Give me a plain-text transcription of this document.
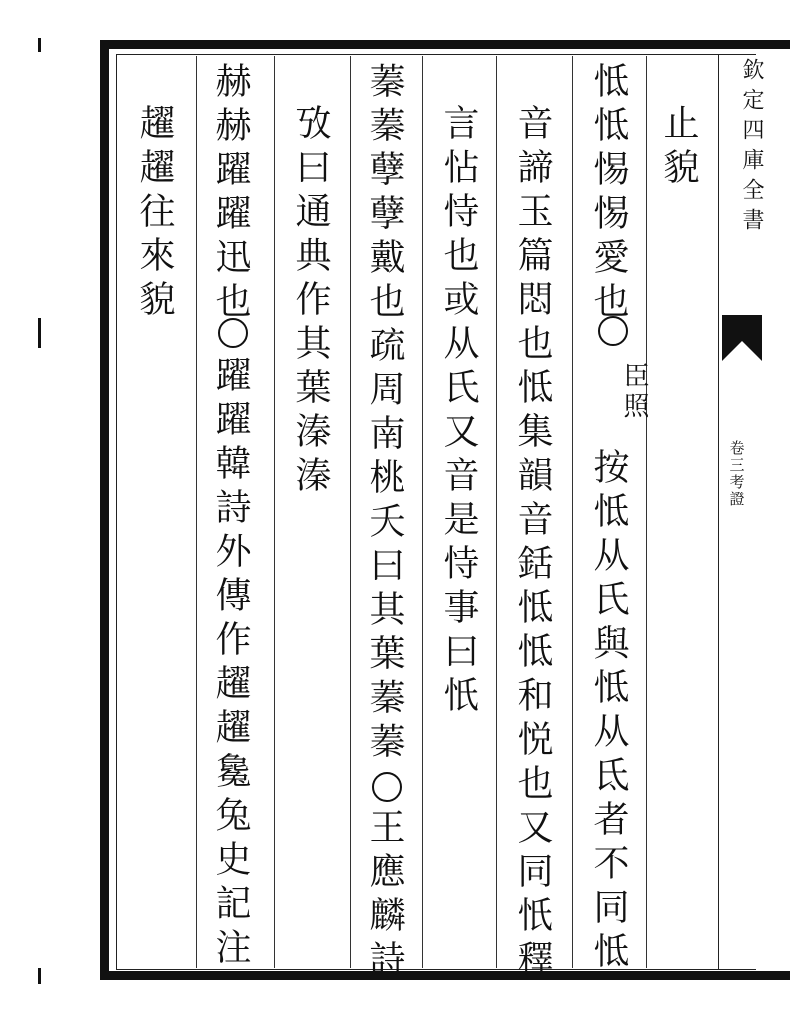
欽定四庫全書
卷三考證
止貌
怟怟惕惕愛也
臣照
按怟从氏與怟从氐者不同怟
音諦玉篇悶也怟集韻音銛怟怟和悦也又同忯釋
言怗恃也或从氏又音是恃事曰忯
蓁蓁孽孽戴也疏周南桃夭曰其葉蓁蓁
王應麟詩
攷曰通典作其葉溱溱
赫赫躍躍迅也
躍躍韓詩外傳作趯趯毚兔史記注
趯趯往來貌
